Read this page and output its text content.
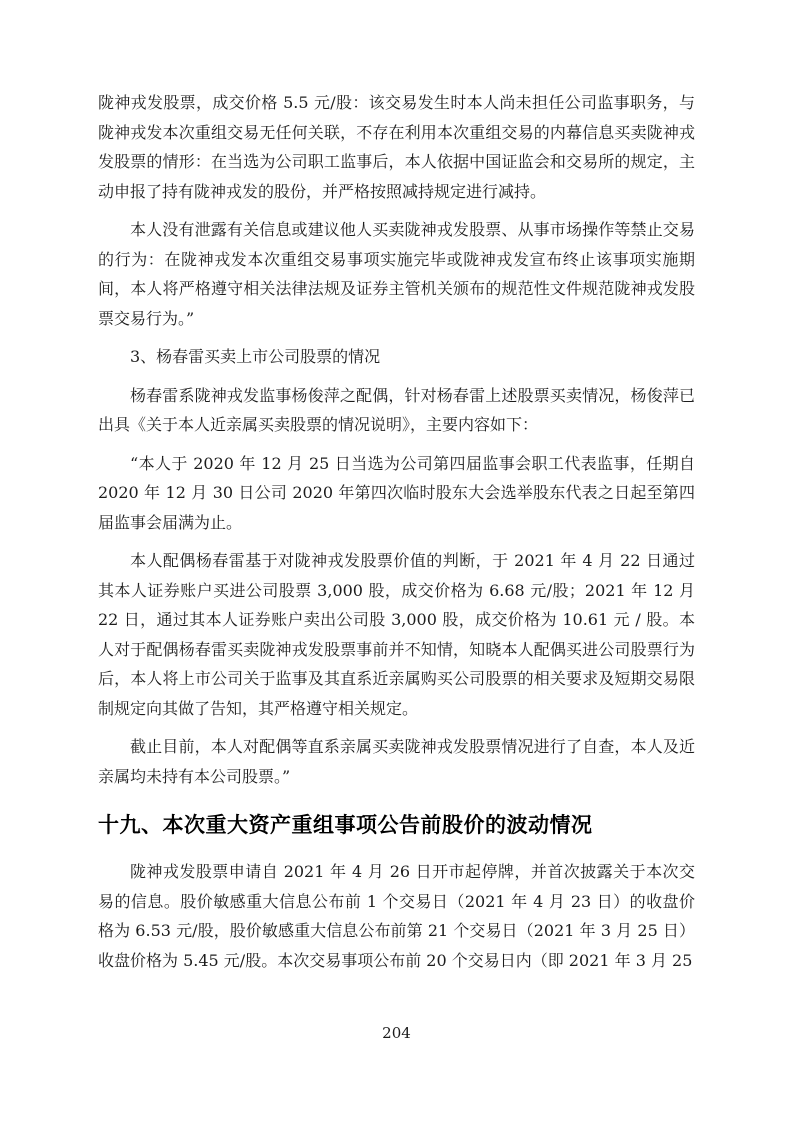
陇神戎发股票，成交价格 5.5 元/股：该交易发生时本人尚未担任公司监事职务，与陇神戎发本次重组交易无任何关联，不存在利用本次重组交易的内幕信息买卖陇神戎发股票的情形：在当选为公司职工监事后，本人依据中国证监会和交易所的规定，主动申报了持有陇神戎发的股份，并严格按照减持规定进行减持。

本人没有泄露有关信息或建议他人买卖陇神戎发股票、从事市场操作等禁止交易的行为：在陇神戎发本次重组交易事项实施完毕或陇神戎发宣布终止该事项实施期间，本人将严格遵守相关法律法规及证券主管机关颁布的规范性文件规范陇神戎发股票交易行为。”

3、杨春雷买卖上市公司股票的情况

杨春雷系陇神戎发监事杨俊萍之配偶，针对杨春雷上述股票买卖情况，杨俊萍已出具《关于本人近亲属买卖股票的情况说明》，主要内容如下：

“本人于 2020 年 12 月 25 日当选为公司第四届监事会职工代表监事，任期自 2020 年 12 月 30 日公司 2020 年第四次临时股东大会选举股东代表之日起至第四届监事会届满为止。

本人配偶杨春雷基于对陇神戎发股票价值的判断，于 2021 年 4 月 22 日通过其本人证券账户买进公司股票 3,000 股，成交价格为 6.68 元/股；2021 年 12 月 22 日，通过其本人证券账户卖出公司股 3,000 股，成交价格为 10.61 元 / 股。本人对于配偶杨春雷买卖陇神戎发股票事前并不知情，知晓本人配偶买进公司股票行为后，本人将上市公司关于监事及其直系近亲属购买公司股票的相关要求及短期交易限制规定向其做了告知，其严格遵守相关规定。

截止目前，本人对配偶等直系亲属买卖陇神戎发股票情况进行了自查，本人及近亲属均未持有本公司股票。”

十九、本次重大资产重组事项公告前股价的波动情况

陇神戎发股票申请自 2021 年 4 月 26 日开市起停牌，并首次披露关于本次交易的信息。股价敏感重大信息公布前 1 个交易日（2021 年 4 月 23 日）的收盘价格为 6.53 元/股，股价敏感重大信息公布前第 21 个交易日（2021 年 3 月 25 日）收盘价格为 5.45 元/股。本次交易事项公布前 20 个交易日内（即 2021 年 3 月 25

204
